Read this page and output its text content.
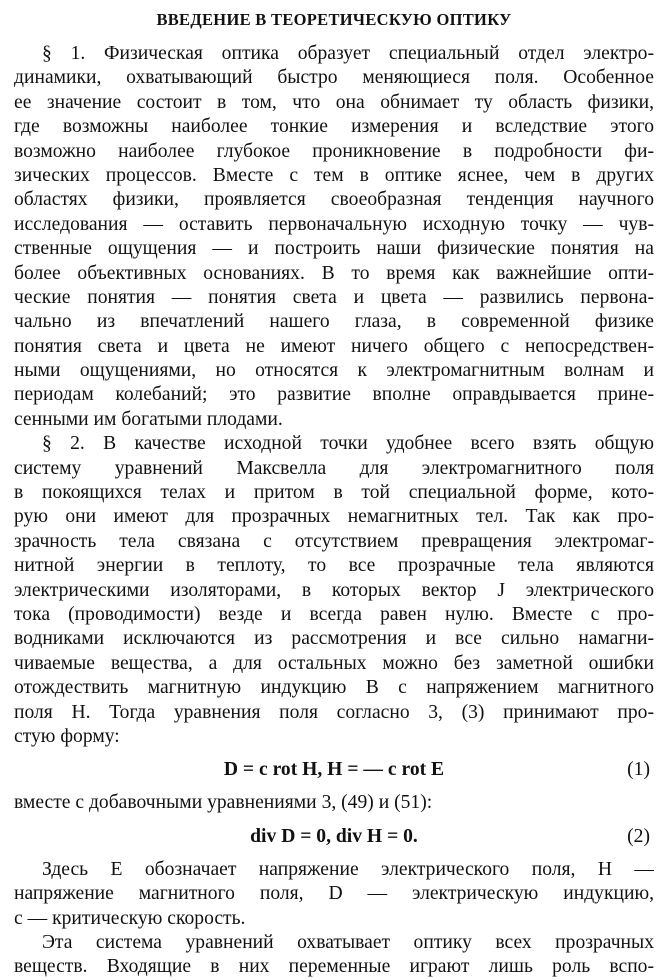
ВВЕДЕНИЕ В ТЕОРЕТИЧЕСКУЮ ОПТИКУ
§ 1. Физическая оптика образует специальный отдел электро-
динамики, охватывающий быстро меняющиеся поля. Особенное
ее значение состоит в том, что она обнимает ту область физики,
где возможны наиболее тонкие измерения и вследствие этого
возможно наиболее глубокое проникновение в подробности фи-
зических процессов. Вместе с тем в оптике яснее, чем в других
областях физики, проявляется своеобразная тенденция научного
исследования — оставить первоначальную исходную точку — чув-
ственные ощущения — и построить наши физические понятия на
более объективных основаниях. В то время как важнейшие опти-
ческие понятия — понятия света и цвета — развились первона-
чально из впечатлений нашего глаза, в современной физике
понятия света и цвета не имеют ничего общего с непосредствен-
ными ощущениями, но относятся к электромагнитным волнам и
периодам колебаний; это развитие вполне оправдывается прине-
сенными им богатыми плодами.
§ 2. В качестве исходной точки удобнее всего взять общую
систему уравнений Максвелла для электромагнитного поля
в покоящихся телах и притом в той специальной форме, кото-
рую они имеют для прозрачных немагнитных тел. Так как про-
зрачность тела связана с отсутствием превращения электромаг-
нитной энергии в теплоту, то все прозрачные тела являются
электрическими изоляторами, в которых вектор J электрического
тока (проводимости) везде и всегда равен нулю. Вместе с про-
водниками исключаются из рассмотрения и все сильно намагни-
чиваемые вещества, а для остальных можно без заметной ошибки
отождествить магнитную индукцию B с напряжением магнитного
поля H. Тогда уравнения поля согласно 3, (3) принимают про-
стую форму:
D = c rot H, H = — c rot E	(1)
вместе с добавочными уравнениями 3, (49) и (51):
div D = 0, div H = 0.	(2)
Здесь E обозначает напряжение электрического поля, H —
напряжение магнитного поля, D — электрическую индукцию,
c — критическую скорость.
Эта система уравнений охватывает оптику всех прозрачных
веществ. Входящие в них переменные играют лишь роль вспо-
